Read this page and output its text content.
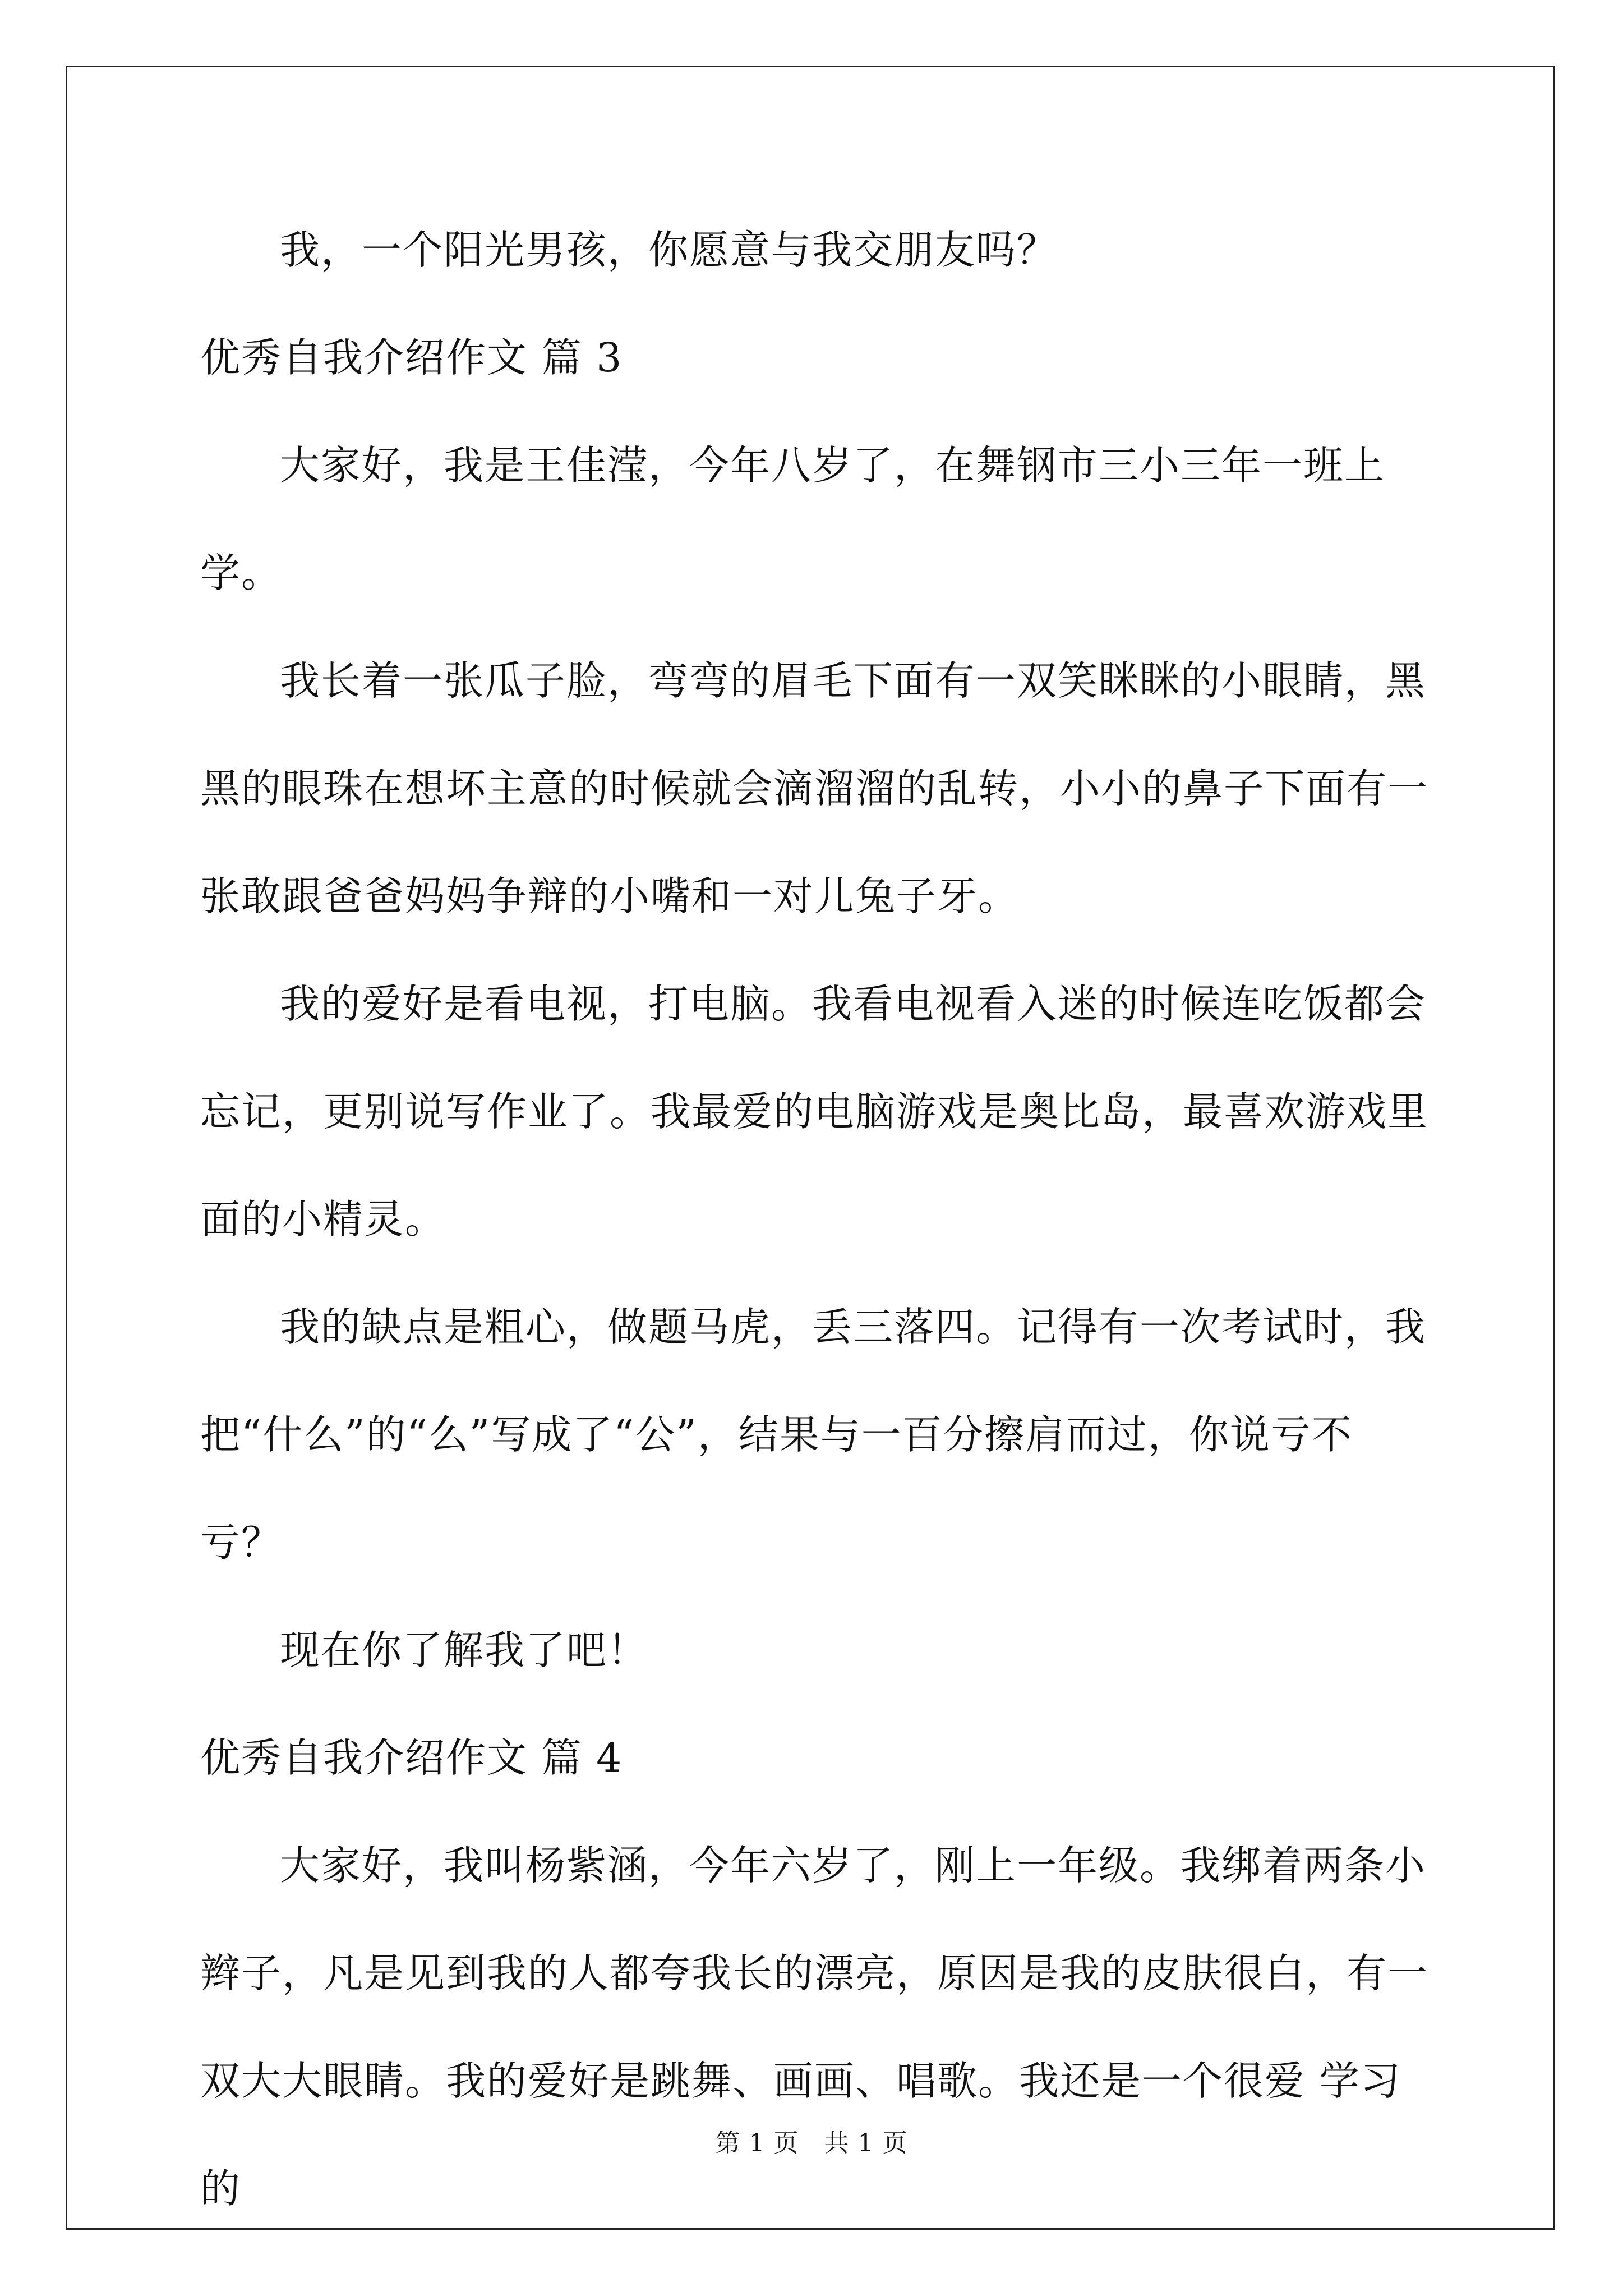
我，一个阳光男孩，你愿意与我交朋友吗？

优秀自我介绍作文 篇 3

大家好，我是王佳滢，今年八岁了，在舞钢市三小三年一班上学。

我长着一张瓜子脸，弯弯的眉毛下面有一双笑眯眯的小眼睛，黑黑的眼珠在想坏主意的时候就会滴溜溜的乱转，小小的鼻子下面有一张敢跟爸爸妈妈争辩的小嘴和一对儿兔子牙。

我的爱好是看电视，打电脑。我看电视看入迷的时候连吃饭都会忘记，更别说写作业了。我最爱的电脑游戏是奥比岛，最喜欢游戏里面的小精灵。

我的缺点是粗心，做题马虎，丢三落四。记得有一次考试时，我把“什么”的“么”写成了“公”，结果与一百分擦肩而过，你说亏不亏？

现在你了解我了吧！

优秀自我介绍作文 篇 4

大家好，我叫杨紫涵，今年六岁了，刚上一年级。我绑着两条小辫子，凡是见到我的人都夸我长的漂亮，原因是我的皮肤很白，有一双大大眼睛。我的爱好是跳舞、画画、唱歌。我还是一个很爱 学习的

第 1 页   共 1 页
